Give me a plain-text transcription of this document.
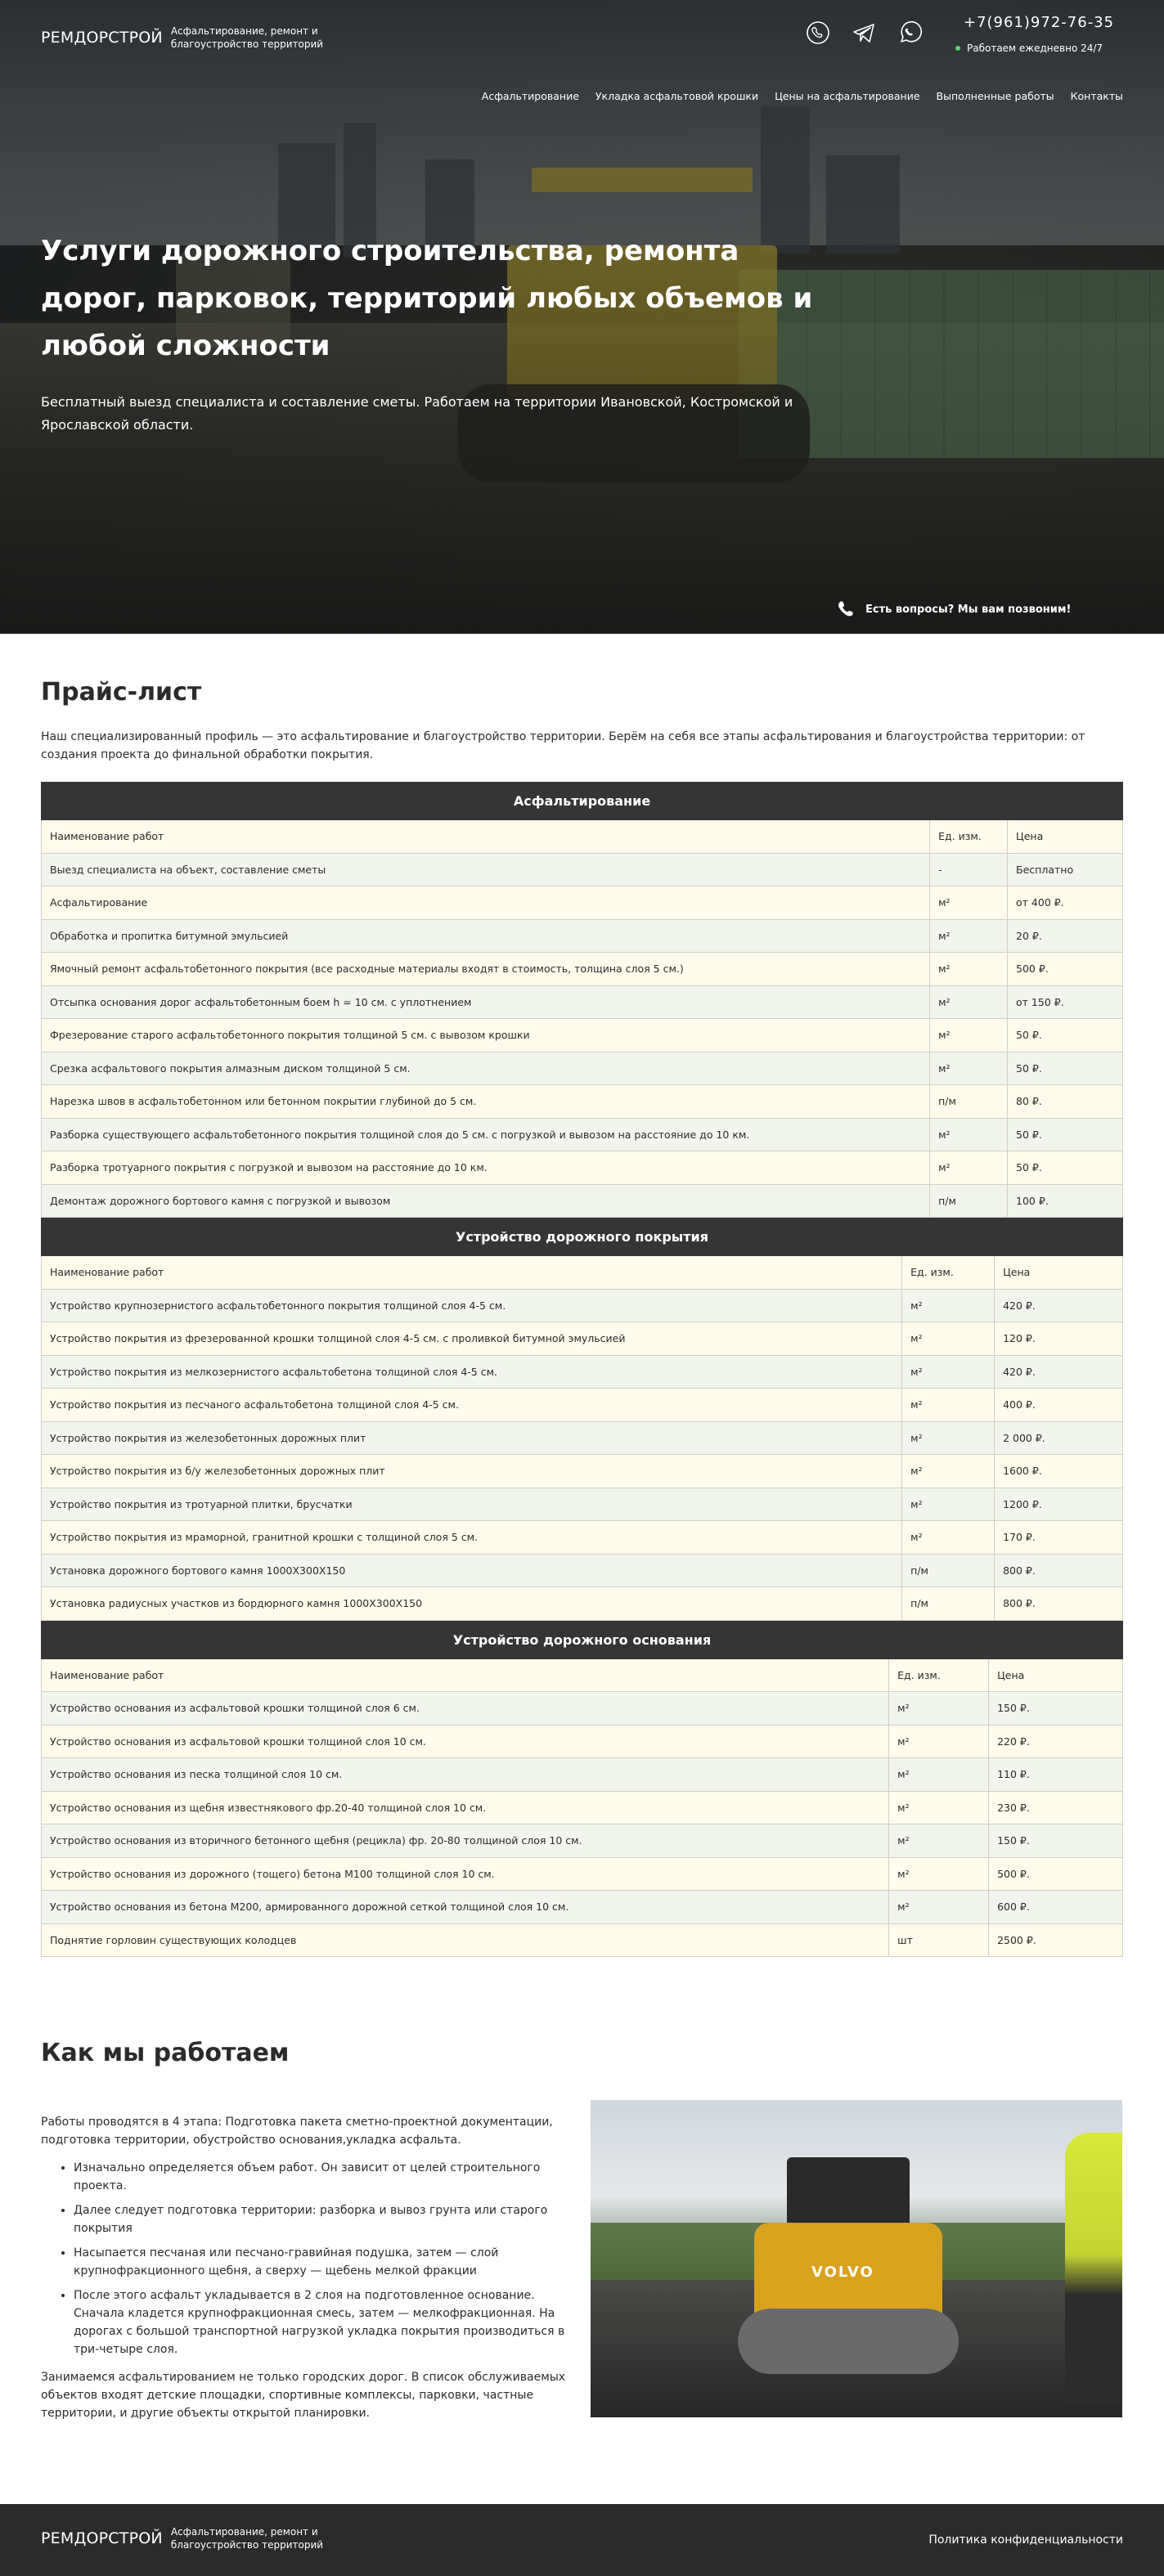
РЕМДОРСТРОЙ Асфальтирование, ремонт и благоустройство территорий
+7(961)972-76-35
Работаем ежедневно 24/7
Асфальтирование Укладка асфальтовой крошки Цены на асфальтирование Выполненные работы Контакты
Услуги дорожного строительства, ремонта дорог, парковок, территорий любых объемов и любой сложности

Бесплатный выезд специалиста и составление сметы. Работаем на территории Ивановской, Костромской и Ярославской области.

Есть вопросы? Мы вам позвоним!
Прайс-лист

Наш специализированный профиль — это асфальтирование и благоустройство территории. Берём на себя все этапы асфальтирования и благоустройства территории: от создания проекта до финальной обработки покрытия.

Асфальтирование		
Наименование работ	Ед. изм.	Цена
Выезд специалиста на объект, составление сметы	-	Бесплатно
Асфальтирование	м²	от 400 ₽.
Обработка и пропитка битумной эмульсией	м²	20 ₽.
Ямочный ремонт асфальтобетонного покрытия (все расходные материалы входят в стоимость, толщина слоя 5 см.)	м²	500 ₽.
Отсыпка основания дорог асфальтобетонным боем h = 10 см. с уплотнением	м²	от 150 ₽.
Фрезерование старого асфальтобетонного покрытия толщиной 5 см. с вывозом крошки	м²	50 ₽.
Срезка асфальтового покрытия алмазным диском толщиной 5 см.	м²	50 ₽.
Нарезка швов в асфальтобетонном или бетонном покрытии глубиной до 5 см.	п/м	80 ₽.
Разборка существующего асфальтобетонного покрытия толщиной слоя до 5 см. с погрузкой и вывозом на расстояние до 10 км.	м²	50 ₽.
Разборка тротуарного покрытия с погрузкой и вывозом на расстояние до 10 км.	м²	50 ₽.
Демонтаж дорожного бортового камня с погрузкой и вывозом	п/м	100 ₽.
Устройство дорожного покрытия		
Наименование работ	Ед. изм.	Цена
Устройство крупнозернистого асфальтобетонного покрытия толщиной слоя 4-5 см.	м²	420 ₽.
Устройство покрытия из фрезерованной крошки толщиной слоя 4-5 см. с проливкой битумной эмульсией	м²	120 ₽.
Устройство покрытия из мелкозернистого асфальтобетона толщиной слоя 4-5 см.	м²	420 ₽.
Устройство покрытия из песчаного асфальтобетона толщиной слоя 4-5 см.	м²	400 ₽.
Устройство покрытия из железобетонных дорожных плит	м²	2 000 ₽.
Устройство покрытия из б/у железобетонных дорожных плит	м²	1600 ₽.
Устройство покрытия из тротуарной плитки, брусчатки	м²	1200 ₽.
Устройство покрытия из мраморной, гранитной крошки с толщиной слоя 5 см.	м²	170 ₽.
Установка дорожного бортового камня 1000Х300Х150	п/м	800 ₽.
Установка радиусных участков из бордюрного камня 1000Х300Х150	п/м	800 ₽.
Устройство дорожного основания		
Наименование работ	Ед. изм.	Цена
Устройство основания из асфальтовой крошки толщиной слоя 6 см.	м²	150 ₽.
Устройство основания из асфальтовой крошки толщиной слоя 10 см.	м²	220 ₽.
Устройство основания из песка толщиной слоя 10 см.	м²	110 ₽.
Устройство основания из щебня известнякового фр.20-40 толщиной слоя 10 см.	м²	230 ₽.
Устройство основания из вторичного бетонного щебня (рецикла) фр. 20-80 толщиной слоя 10 см.	м²	150 ₽.
Устройство основания из дорожного (тощего) бетона М100 толщиной слоя 10 см.	м²	500 ₽.
Устройство основания из бетона М200, армированного дорожной сеткой толщиной слоя 10 см.	м²	600 ₽.
Поднятие горловин существующих колодцев	шт	2500 ₽.
Как мы работаем

Работы проводятся в 4 этапа: Подготовка пакета сметно-проектной документации, подготовка территории, обустройство основания,укладка асфальта.

• Изначально определяется объем работ. Он зависит от целей строительного проекта.
• Далее следует подготовка территории: разборка и вывоз грунта или старого покрытия
• Насыпается песчаная или песчано-гравийная подушка, затем — слой крупнофракционного щебня, а сверху — щебень мелкой фракции
• После этого асфальт укладывается в 2 слоя на подготовленное основание. Сначала кладется крупнофракционная смесь, затем — мелкофракционная. На дорогах с большой транспортной нагрузкой укладка покрытия производиться в три-четыре слоя.

Занимаемся асфальтированием не только городских дорог. В список обслуживаемых объектов входят детские площадки, спортивные комплексы, парковки, частные территории, и другие объекты открытой планировки.

VOLVO
РЕМДОРСТРОЙ Асфальтирование, ремонт и благоустройство территорий	Политика конфиденциальности
